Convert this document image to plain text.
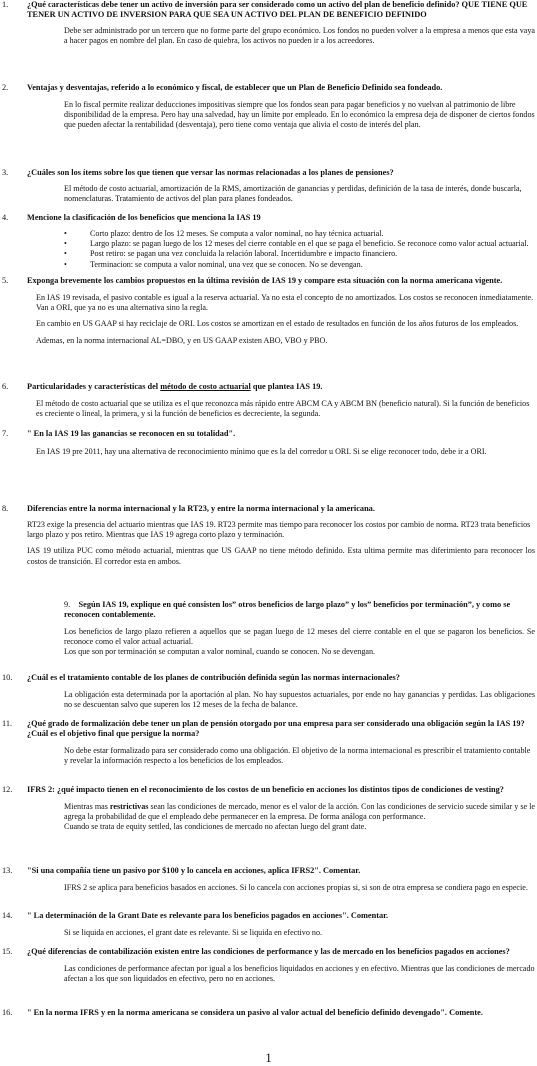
1. ¿Qué características debe tener un activo de inversión para ser considerado como un activo del plan de beneficio definido? QUE TIENE QUE TENER UN ACTIVO DE INVERSION PARA QUE SEA UN ACTIVO DEL PLAN DE BENEFICIO DEFINIDO

Debe ser administrado por un tercero que no forme parte del grupo económico. Los fondos no pueden volver a la empresa a menos que esta vaya a hacer pagos en nombre del plan. En caso de quiebra, los activos no pueden ir a los acreedores.

2. Ventajas y desventajas, referido a lo económico y fiscal, de establecer que un Plan de Beneficio Definido sea fondeado.

En lo fiscal permite realizar deducciones impositivas siempre que los fondos sean para pagar beneficios y no vuelvan al patrimonio de libre disponibilidad de la empresa. Pero hay una salvedad, hay un límite por empleado. En lo económico la empresa deja de disponer de ciertos fondos que pueden afectar la rentabilidad (desventaja), pero tiene como ventaja que alivia el costo de interés del plan.

3. ¿Cuáles son los ítems sobre los que tienen que versar las normas relacionadas a los planes de pensiones?

El método de costo actuarial, amortización de la RMS, amortización de ganancias y perdidas, definición de la tasa de interés, donde buscarla, nomenclaturas. Tratamiento de activos del plan para planes fondeados.

4. Mencione la clasificación de los beneficios que menciona la IAS 19

•	Corto plazo: dentro de los 12 meses. Se computa a valor nominal, no hay técnica actuarial.
•	Largo plazo: se pagan luego de los 12 meses del cierre contable en el que se paga el beneficio. Se reconoce como valor actual actuarial.
•	Post retiro: se pagan una vez concluida la relación laboral. Incertidumbre e impacto financiero.
•	Terminacion: se computa a valor nominal, una vez que se conocen. No se devengan.

5. Exponga brevemente los cambios propuestos en la última revisión de IAS 19 y compare esta situación con la norma americana vigente.

En IAS 19 revisada, el pasivo contable es igual a la reserva actuarial. Ya no esta el concepto de no amortizados. Los costos se reconocen inmediatamente. Van a ORI, que ya no es una alternativa sino la regla.

En cambio en US GAAP si hay reciclaje de ORI. Los costos se amortizan en el estado de resultados en función de los años futuros de los empleados.

Ademas, en la norma internacional AL=DBO, y en US GAAP existen ABO, VBO y PBO.

6. Particularidades y características del método de costo actuarial que plantea IAS 19.

El método de costo actuarial que se utiliza es el que reconozca más rápido entre ABCM CA y ABCM BN (beneficio natural). Si la función de beneficios es creciente o lineal, la primera, y si la función de beneficios es decreciente, la segunda.

7. " En la IAS 19 las ganancias se reconocen en su totalidad".

En IAS 19 pre 2011, hay una alternativa de reconocimiento mínimo que es la del corredor u ORI. Si se elige reconocer todo, debe ir a ORI.

8. Diferencias entre la norma internacional y la RT23, y entre la norma internacional y la americana.

RT23 exige la presencia del actuario mientras que IAS 19. RT23 permite mas tiempo para reconocer los costos por cambio de norma. RT23 trata beneficios largo plazo y pos retiro. Mientras que IAS 19 agrega corto plazo y terminación.

IAS 19 utiliza PUC como método actuarial, mientras que US GAAP no tiene método definido. Esta ultima permite mas diferimiento para reconocer los costos de transición. El corredor esta en ambos.

9. Según IAS 19, explique en qué consisten los” otros beneficios de largo plazo” y los” beneficios por terminación”, y como se reconocen contablemente.

Los beneficios de largo plazo refieren a aquellos que se pagan luego de 12 meses del cierre contable en el que se pagaron los beneficios. Se reconoce como el valor actual actuarial.

Los que son por terminación se computan a valor nominal, cuando se conocen. No se devengan.

10. ¿Cuál es el tratamiento contable de los planes de contribución definida según las normas internacionales?

La obligación esta determinada por la aportación al plan. No hay supuestos actuariales, por ende no hay ganancias y perdidas. Las obligaciones no se descuentan salvo que superen los 12 meses de la fecha de balance.

11. ¿Qué grado de formalización debe tener un plan de pensión otorgado por una empresa para ser considerado una obligación según la IAS 19? ¿Cuál es el objetivo final que persigue la norma?

No debe estar formalizado para ser considerado como una obligación. El objetivo de la norma internacional es prescribir el tratamiento contable y revelar la información respecto a los beneficios de los empleados.

12. IFRS 2: ¿qué impacto tienen en el reconocimiento de los costos de un beneficio en acciones los distintos tipos de condiciones de vesting?

Mientras mas restrictivas sean las condiciones de mercado, menor es el valor de la acción. Con las condiciones de servicio sucede similar y se le agrega la probabilidad de que el empleado debe permanecer en la empresa. De forma análoga con performance.

Cuando se trata de equity settled, las condiciones de mercado no afectan luego del grant date.

13. "Si una compañía tiene un pasivo por $100 y lo cancela en acciones, aplica IFRS2". Comentar.

IFRS 2 se aplica para beneficios basados en acciones. Si lo cancela con acciones propias si, si son de otra empresa se condiera pago en especie.

14. " La determinación de la Grant Date es relevante para los beneficios pagados en acciones". Comentar.

Si se liquida en acciones, el grant date es relevante. Si se liquida en efectivo no.

15. ¿Qué diferencias de contabilización existen entre las condiciones de performance y las de mercado en los beneficios pagados en acciones?

Las condiciones de performance afectan por igual a los beneficios liquidados en acciones y en efectivo. Mientras que las condiciones de mercado afectan a los que son liquidados en efectivo, pero no en acciones.

16. " En la norma IFRS y en la norma americana se considera un pasivo al valor actual del beneficio definido devengado". Comente.

1
